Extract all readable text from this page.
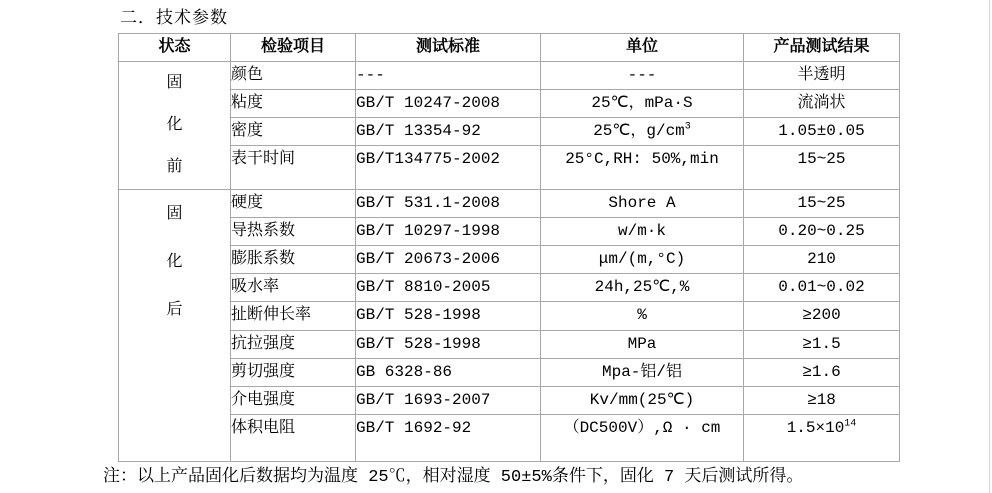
二．技术参数
状态	检验项目	测试标准	单位	产品测试结果

固
化
前	颜色	---	---	半透明
	粘度	GB/T 10247-2008	25℃，mPa·S	流淌状
	密度	GB/T 13354-92	25℃，$g/cm^3$	1.05±0.05
	表干时间	GB/T134775-2002	25°C,RH: 50%,min	15~25

固
化
后	硬度	GB/T 531.1-2008	Shore A	15~25
	导热系数	GB/T 10297-1998	w/m·k	0.20~0.25
	膨胀系数	GB/T 20673-2006	μm/(m,°C)	210
	吸水率	GB/T 8810-2005	24h,25℃,%	0.01~0.02
	扯断伸长率	GB/T 528-1998	%	≥200
	抗拉强度	GB/T 528-1998	MPa	≥1.5
	剪切强度	GB 6328-86	Mpa-铝/铝	≥1.6
	介电强度	GB/T 1693-2007	Kv/mm(25℃)	≥18
	体积电阻	GB/T 1692-92	（DC500V）,Ω · cm	$1.5\times 10^{14}$
注：以上产品固化后数据均为温度 25℃，相对湿度 50±5%条件下，固化 7 天后测试所得。
